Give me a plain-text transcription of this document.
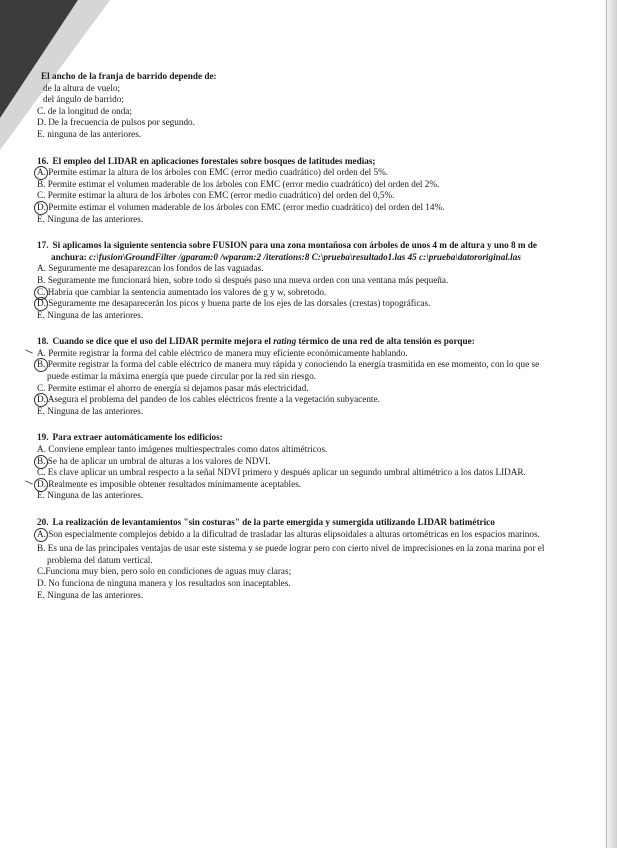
El ancho de la franja de barrido depende de:
de la altura de vuelo;
del ángulo de barrido;
C. de la longitud de onda;
D. De la frecuencia de pulsos por segundo.
E. ninguna de las anteriores.
16. El empleo del LIDAR en aplicaciones forestales sobre bosques de latitudes medias;
A. Permite estimar la altura de los árboles con EMC (error medio cuadrático) del orden del 5%.
B. Permite estimar el volumen maderable de los árboles con EMC (error medio cuadrático) del orden del 2%.
C. Permite estimar la altura de los árboles con EMC (error medio cuadrático) del orden del 0,5%.
D. Permite estimar el volumen maderable de los árboles con EMC (error medio cuadrático) del orden del 14%.
E. Ninguna de las anteriores.
17. Si aplicamos la siguiente sentencia sobre FUSION para una zona montañosa con árboles de unos 4 m de altura y uno 8 m de anchura: c:\fusion\GroundFilter /gparam:0 /wparam:2 /iterations:8 C:\prueba\resultado1.las 45 c:\prueba\datororiginal.las
A. Seguramente me desaparezcan los fondos de las vaguadas.
B. Seguramente me funcionará bien, sobre todo si después paso una nueva orden con una ventana más pequeña.
C. Habría que cambiar la sentencia aumentado los valores de g y w, sobretodo.
D. Seguramente me desaparecerán los picos y buena parte de los ejes de las dorsales (crestas) topográficas.
E. Ninguna de las anteriores.
18. Cuando se dice que el uso del LIDAR permite mejora el rating térmico de una red de alta tensión es porque:
A. Permite registrar la forma del cable eléctrico de manera muy eficiente económicamente hablando.
B. Permite registrar la forma del cable eléctrico de manera muy rápida y conociendo la energía trasmitida en ese momento, con lo que se puede estimar la máxima energía que puede circular por la red sin riesgo.
C. Permite estimar el ahorro de energía si dejamos pasar más electricidad.
D. Asegura el problema del pandeo de los cables eléctricos frente a la vegetación subyacente.
E. Ninguna de las anteriores.
19. Para extraer automáticamente los edificios:
A. Conviene emplear tanto imágenes multiespectrales como datos altimétricos.
B. Se ha de aplicar un umbral de alturas a los valores de NDVI.
C. Es clave aplicar un umbral respecto a la señal NDVI primero y después aplicar un segundo umbral altimétrico a los datos LIDAR.
D. Realmente es imposible obtener resultados mínimamente aceptables.
E. Ninguna de las anteriores.
20. La realización de levantamientos "sin costuras" de la parte emergida y sumergida utilizando LIDAR batimétrico
A. Son especialmente complejos debido a la dificultad de trasladar las alturas elipsoidales a alturas ortométricas en los espacios marinos.
B. Es una de las principales ventajas de usar este sistema y se puede lograr pero con cierto nivel de imprecisiones en la zona marina por el problema del datum vertical.
C.Funciona muy bien, pero solo en condiciones de aguas muy claras;
D. No funciona de ninguna manera y los resultados son inaceptables.
E. Ninguna de las anteriores.
